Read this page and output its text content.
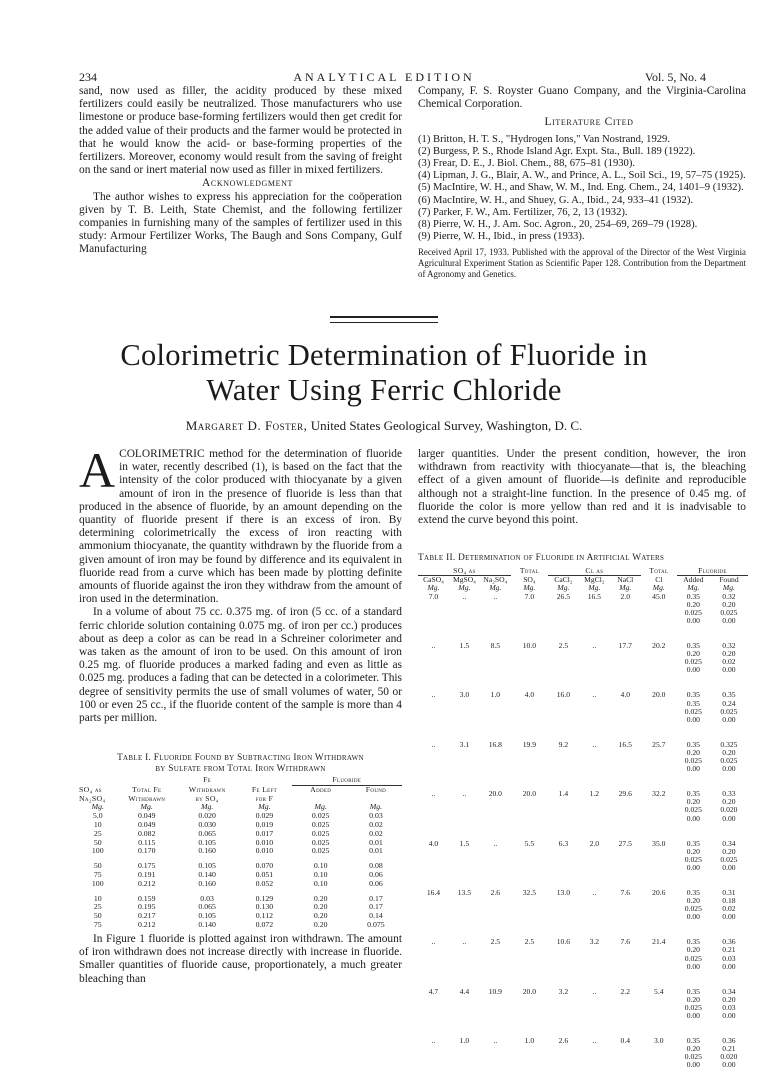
234	ANALYTICAL EDITION	Vol. 5, No. 4

sand, now used as filler, the acidity produced by these mixed fertilizers could easily be neutralized. Those manufacturers who use limestone or produce base-forming fertilizers would then get credit for the added value of their products and the farmer would be protected in that he would know the acid- or base-forming properties of the fertilizers. Moreover, economy would result from the saving of freight on the sand or inert material now used as filler in mixed fertilizers.

Acknowledgment

The author wishes to express his appreciation for the coöperation given by T. B. Leith, State Chemist, and the following fertilizer companies in furnishing many of the samples of fertilizer used in this study: Armour Fertilizer Works, The Baugh and Sons Company, Gulf Manufacturing

Company, F. S. Royster Guano Company, and the Virginia-Carolina Chemical Corporation.

Literature Cited

(1) Britton, H. T. S., "Hydrogen Ions," Van Nostrand, 1929.
(2) Burgess, P. S., Rhode Island Agr. Expt. Sta., Bull. 189 (1922).
(3) Frear, D. E., J. Biol. Chem., 88, 675–81 (1930).
(4) Lipman, J. G., Blair, A. W., and Prince, A. L., Soil Sci., 19, 57–75 (1925).
(5) MacIntire, W. H., and Shaw, W. M., Ind. Eng. Chem., 24, 1401–9 (1932).
(6) MacIntire, W. H., and Shuey, G. A., Ibid., 24, 933–41 (1932).
(7) Parker, F. W., Am. Fertilizer, 76, 2, 13 (1932).
(8) Pierre, W. H., J. Am. Soc. Agron., 20, 254–69, 269–79 (1928).
(9) Pierre, W. H., Ibid., in press (1933).
Received April 17, 1933. Published with the approval of the Director of the West Virginia Agricultural Experiment Station as Scientific Paper 128. Contribution from the Department of Agronomy and Genetics.
Colorimetric Determination of Fluoride in
Water Using Ferric Chloride
Margaret D. Foster, United States Geological Survey, Washington, D. C.

ACOLORIMETRIC method for the determination of fluoride in water, recently described (1), is based on the fact that the intensity of the color produced with thiocyanate by a given amount of iron in the presence of fluoride is less than that produced in the absence of fluoride, by an amount depending on the quantity of fluoride present if there is an excess of iron. By determining colorimetrically the excess of iron reacting with ammonium thiocyanate, the quantity withdrawn by the fluoride from a given amount of iron may be found by difference and its equivalent in fluoride read from a curve which has been made by plotting definite amounts of fluoride against the iron they withdraw from the amount of iron used in the determination.

In a volume of about 75 cc. 0.375 mg. of iron (5 cc. of a standard ferric chloride solution containing 0.075 mg. of iron per cc.) produces about as deep a color as can be read in a Schreiner colorimeter and was taken as the amount of iron to be used. On this amount of iron 0.25 mg. of fluoride produces a marked fading and even as little as 0.025 mg. produces a fading that can be detected in a colorimeter. This degree of sensitivity permits the use of small volumes of water, 50 or 100 or even 25 cc., if the fluoride content of the sample is more than 4 parts per million.

Table I. Fluoride Found by Subtracting Iron Withdrawn
by Sulfate from Total Iron Withdrawn
		Fe		Fluoride	
SO₄ as	Total Fe	Withdrawn	Fe Left	Added	Found
Na₂SO₄	Withdrawn	by SO₄	for F		
Mg.	Mg.	Mg.	Mg.	Mg.	Mg.
5.0	0.049	0.020	0.029	0.025	0.03
10	0.049	0.030	0.019	0.025	0.02
25	0.082	0.065	0.017	0.025	0.02
50	0.115	0.105	0.010	0.025	0.01
100	0.170	0.160	0.010	0.025	0.01

50	0.175	0.105	0.070	0.10	0.08
75	0.191	0.140	0.051	0.10	0.06
100	0.212	0.160	0.052	0.10	0.06

10	0.159	0.03	0.129	0.20	0.17
25	0.195	0.065	0.130	0.20	0.17
50	0.217	0.105	0.112	0.20	0.14
75	0.212	0.140	0.072	0.20	0.075

In Figure 1 fluoride is plotted against iron withdrawn. The amount of iron withdrawn does not increase directly with increase in fluoride. Smaller quantities of fluoride cause, proportionately, a much greater bleaching than

larger quantities. Under the present condition, however, the iron withdrawn from reactivity with thiocyanate—that is, the bleaching effect of a given amount of fluoride—is definite and reproducible although not a straight-line function. In the presence of 0.45 mg. of fluoride the color is more yellow than red and it is inadvisable to extend the curve beyond this point.

Table II. Determination of Fluoride in Artificial Waters
SO₄ as			Total	Cl as			Total	Fluoride	
CaSO₄	MgSO₄	Na₂SO₄	SO₄	CaCl₂	MgCl₂	NaCl	Cl	Added	Found
Mg.	Mg.	Mg.	Mg.	Mg.	Mg.	Mg.	Mg.	Mg.	Mg.
7.0	..	..	7.0	26.5	16.5	2.0	45.0	0.35	0.32
								0.20	0.20
								0.025	0.025
								0.00	0.00

..	1.5	8.5	10.0	2.5	..	17.7	20.2	0.35	0.32
								0.20	0.20
								0.025	0.02
								0.00	0.00

..	3.0	1.0	4.0	16.0	..	4.0	20.0	0.35	0.35
								0.35	0.24
								0.025	0.025
								0.00	0.00

..	3.1	16.8	19.9	9.2	..	16.5	25.7	0.35	0.325
								0.20	0.20
								0.025	0.025
								0.00	0.00

..	..	20.0	20.0	1.4	1.2	29.6	32.2	0.35	0.33
								0.20	0.20
								0.025	0.020
								0.00	0.00

4.0	1.5	..	5.5	6.3	2.0	27.5	35.0	0.35	0.34
								0.20	0.20
								0.025	0.025
								0.00	0.00

16.4	13.5	2.6	32.5	13.0	..	7.6	20.6	0.35	0.31
								0.20	0.18
								0.025	0.02
								0.00	0.00

..	..	2.5	2.5	10.6	3.2	7.6	21.4	0.35	0.36
								0.20	0.21
								0.025	0.03
								0.00	0.00

4.7	4.4	10.9	20.0	3.2	..	2.2	5.4	0.35	0.34
								0.20	0.20
								0.025	0.03
								0.00	0.00

..	1.0	..	1.0	2.6	..	0.4	3.0	0.35	0.36
								0.20	0.21
								0.025	0.020
								0.00	0.00
